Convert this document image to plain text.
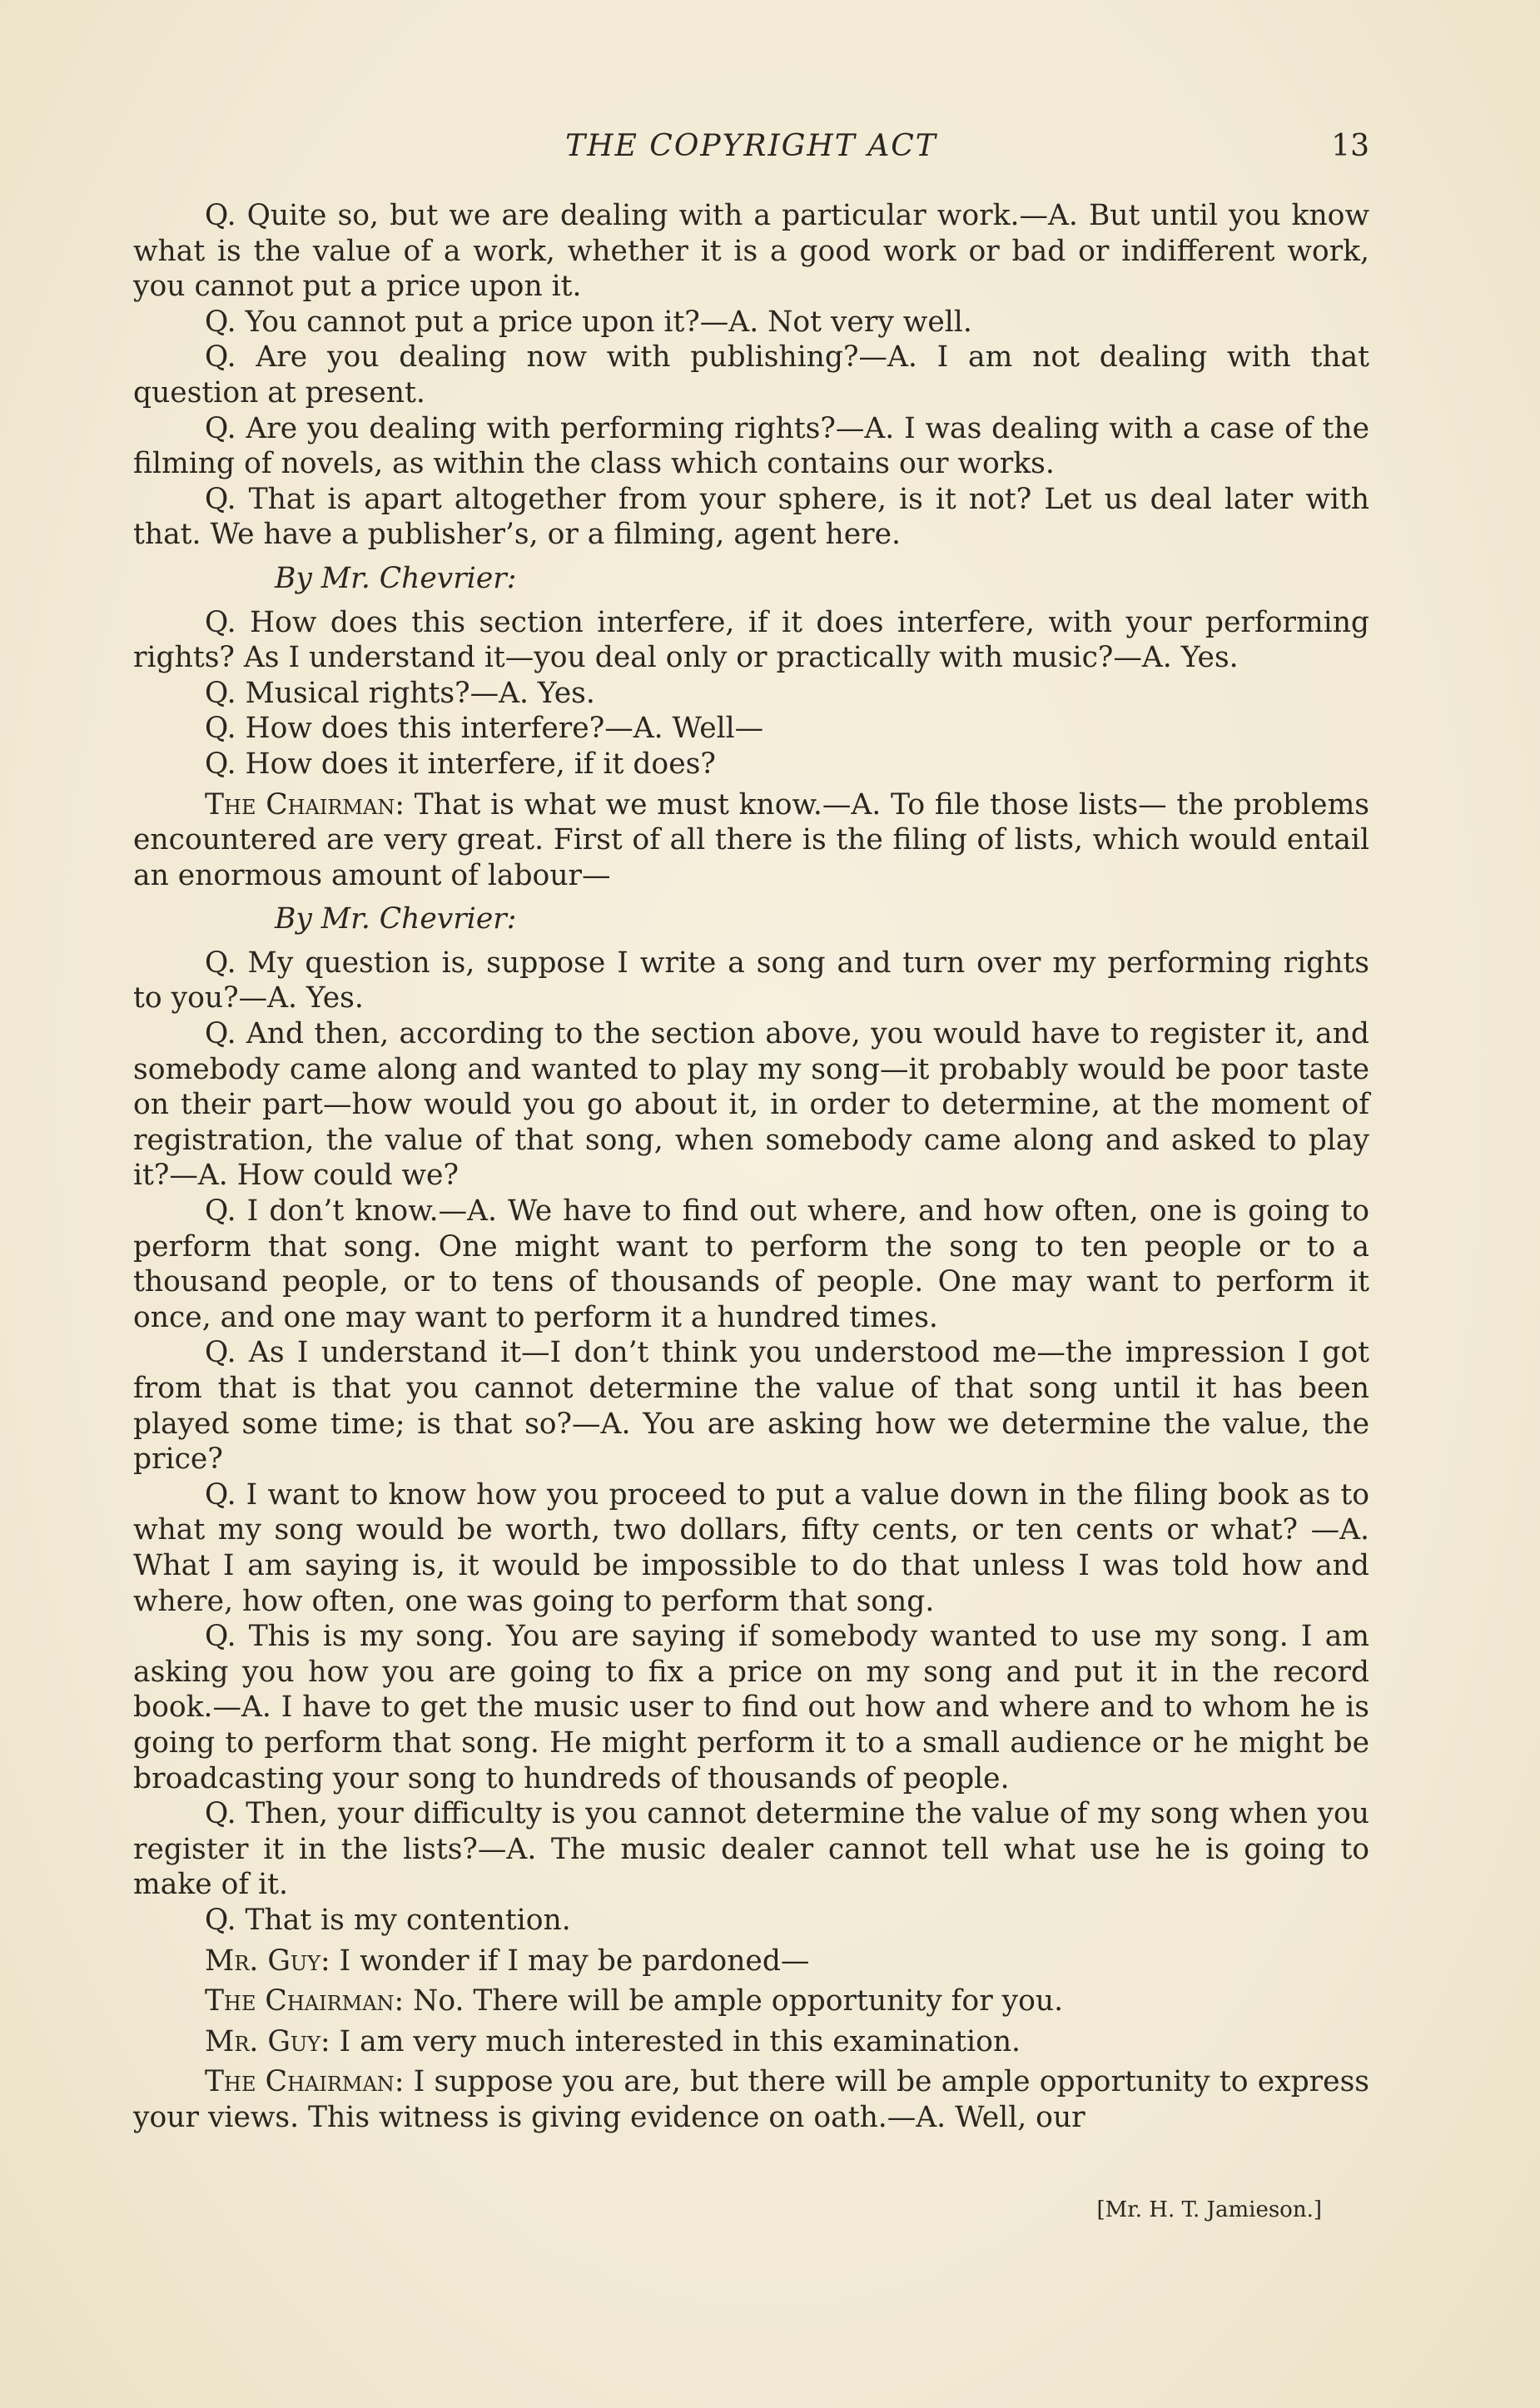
THE COPYRIGHT ACT	13

Q. Quite so, but we are dealing with a particular work.—A. But until you know what is the value of a work, whether it is a good work or bad or indifferent work, you cannot put a price upon it.

Q. You cannot put a price upon it?—A. Not very well.

Q. Are you dealing now with publishing?—A. I am not dealing with that question at present.

Q. Are you dealing with performing rights?—A. I was dealing with a case of the filming of novels, as within the class which contains our works.

Q. That is apart altogether from your sphere, is it not? Let us deal later with that. We have a publisher’s, or a filming, agent here.

By Mr. Chevrier:

Q. How does this section interfere, if it does interfere, with your performing rights? As I understand it—you deal only or practically with music?—A. Yes.

Q. Musical rights?—A. Yes.

Q. How does this interfere?—A. Well—

Q. How does it interfere, if it does?

The Chairman: That is what we must know.—A. To file those lists— the problems encountered are very great. First of all there is the filing of lists, which would entail an enormous amount of labour—

By Mr. Chevrier:

Q. My question is, suppose I write a song and turn over my performing rights to you?—A. Yes.

Q. And then, according to the section above, you would have to register it, and somebody came along and wanted to play my song—it probably would be poor taste on their part—how would you go about it, in order to determine, at the moment of registration, the value of that song, when somebody came along and asked to play it?—A. How could we?

Q. I don’t know.—A. We have to find out where, and how often, one is going to perform that song. One might want to perform the song to ten people or to a thousand people, or to tens of thousands of people. One may want to perform it once, and one may want to perform it a hundred times.

Q. As I understand it—I don’t think you understood me—the impression I got from that is that you cannot determine the value of that song until it has been played some time; is that so?—A. You are asking how we determine the value, the price?

Q. I want to know how you proceed to put a value down in the filing book as to what my song would be worth, two dollars, fifty cents, or ten cents or what? —A. What I am saying is, it would be impossible to do that unless I was told how and where, how often, one was going to perform that song.

Q. This is my song. You are saying if somebody wanted to use my song. I am asking you how you are going to fix a price on my song and put it in the record book.—A. I have to get the music user to find out how and where and to whom he is going to perform that song. He might perform it to a small audience or he might be broadcasting your song to hundreds of thousands of people.

Q. Then, your difficulty is you cannot determine the value of my song when you register it in the lists?—A. The music dealer cannot tell what use he is going to make of it.

Q. That is my contention.

Mr. Guy: I wonder if I may be pardoned—

The Chairman: No. There will be ample opportunity for you.

Mr. Guy: I am very much interested in this examination.

The Chairman: I suppose you are, but there will be ample opportunity to express your views. This witness is giving evidence on oath.—A. Well, our

[Mr. H. T. Jamieson.]
